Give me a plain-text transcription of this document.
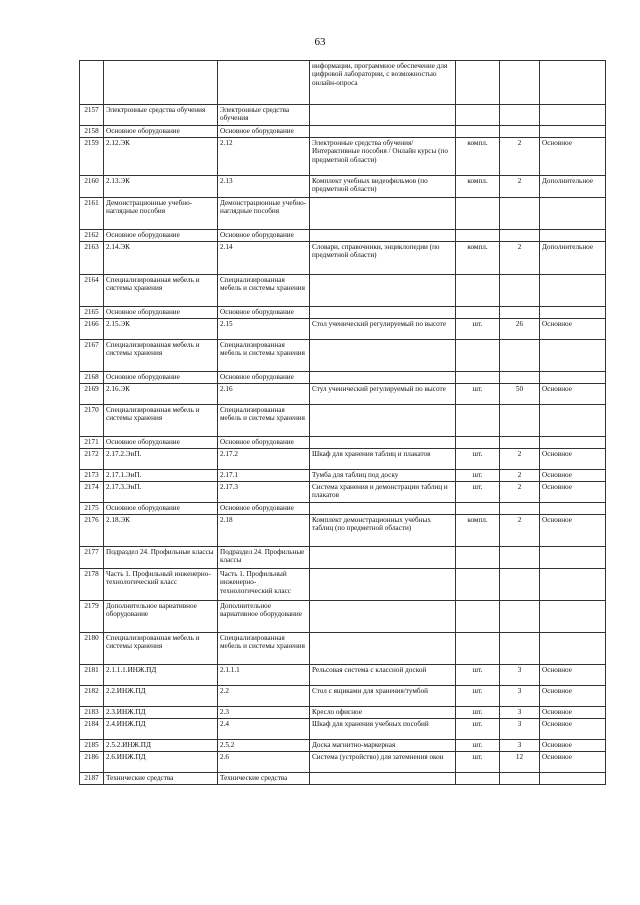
63
			информации, программное обеспечение для цифровой лаборатории, с возможностью онлайн-опроса			
2157	Электронные средства обучения	Электронные средства обучения				
2158	Основное оборудование	Основное оборудование				
2159	2.12.ЭК	2.12	Электронные средства обучения/Интерактивные пособия / Онлайн курсы (по предметной области)	компл.	2	Основное
2160	2.13.ЭК	2.13	Комплект учебных видеофильмов (по предметной области)	компл.	2	Дополнительное
2161	Демонстрационные учебно-наглядные пособия	Демонстрационные учебно-наглядные пособия				
2162	Основное оборудование	Основное оборудование				
2163	2.14.ЭК	2.14	Словари, справочники, энциклопедии (по предметной области)	компл.	2	Дополнительное
2164	Специализированная мебель и системы хранения	Специализированная мебель и системы хранения				
2165	Основное оборудование	Основное оборудование				
2166	2.15.ЭК	2.15	Стол ученический регулируемый по высоте	шт.	26	Основное
2167	Специализированная мебель и системы хранения	Специализированная мебель и системы хранения				
2168	Основное оборудование	Основное оборудование				
2169	2.16.ЭК	2.16	Стул ученический регулируемый по высоте	шт.	50	Основное
2170	Специализированная мебель и системы хранения	Специализированная мебель и системы хранения				
2171	Основное оборудование	Основное оборудование				
2172	2.17.2.ЭиП.	2.17.2	Шкаф для хранения таблиц и плакатов	шт.	2	Основное
2173	2.17.1.ЭиП.	2.17.1	Тумба для таблиц под доску	шт.	2	Основное
2174	2.17.3.ЭиП.	2.17.3	Система хранения и демонстрации таблиц и плакатов	шт.	2	Основное
2175	Основное оборудование	Основное оборудование				
2176	2.18.ЭК	2.18	Комплект демонстрационных учебных таблиц (по предметной области)	компл.	2	Основное
2177	Подраздел 24. Профильные классы	Подраздел 24. Профильные классы				
2178	Часть 1. Профильный инженерно-технологический класс	Часть 1. Профильный инженерно-технологический класс				
2179	Дополнительное вариативное оборудование	Дополнительное вариативное оборудование				
2180	Специализированная мебель и системы хранения	Специализированная мебель и системы хранения				
2181	2.1.1.1.ИНЖ.ПД	2.1.1.1	Рельсовая система с классной доской	шт.	3	Основное
2182	2.2.ИНЖ.ПД	2.2	Стол с ящиками для хранения/тумбой	шт.	3	Основное
2183	2.3.ИНЖ.ПД	2.3	Кресло офисное	шт.	3	Основное
2184	2.4.ИНЖ.ПД	2.4	Шкаф для хранения учебных пособий	шт.	3	Основное
2185	2.5.2.ИНЖ.ПД	2.5.2	Доска магнитно-маркерная	шт.	3	Основное
2186	2.6.ИНЖ.ПД	2.6	Система (устройство) для затемнения окон	шт.	12	Основное
2187	Технические средства	Технические средства				
